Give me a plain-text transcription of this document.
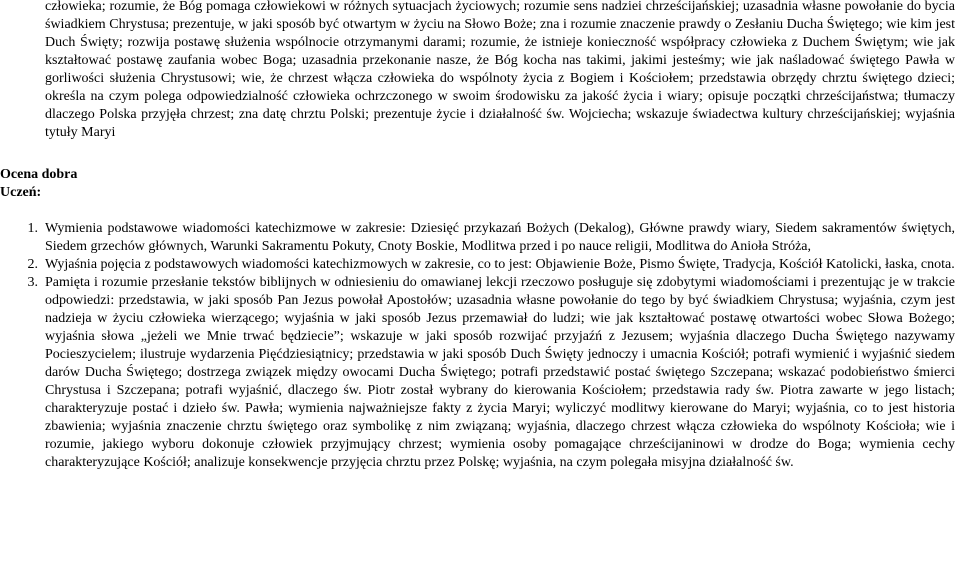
człowieka; rozumie, że Bóg pomaga człowiekowi w różnych sytuacjach życiowych; rozumie sens nadziei chrześcijańskiej; uzasadnia własne powołanie do bycia świadkiem Chrystusa; prezentuje, w jaki sposób być otwartym w życiu na Słowo Boże; zna i rozumie znaczenie prawdy o Zesłaniu Ducha Świętego; wie kim jest Duch Święty; rozwija postawę służenia wspólnocie otrzymanymi darami; rozumie, że istnieje konieczność współpracy człowieka z Duchem Świętym; wie jak kształtować postawę zaufania wobec Boga; uzasadnia przekonanie nasze, że Bóg kocha nas takimi, jakimi jesteśmy; wie jak naśladować świętego Pawła w gorliwości służenia Chrystusowi; wie, że chrzest włącza człowieka do wspólnoty życia z Bogiem i Kościołem; przedstawia obrzędy chrztu świętego dzieci; określa na czym polega odpowiedzialność człowieka ochrzczonego w swoim środowisku za jakość życia i wiary; opisuje początki chrześcijaństwa; tłumaczy dlaczego Polska przyjęła chrzest; zna datę chrztu Polski; prezentuje życie i działalność św. Wojciecha; wskazuje świadectwa kultury chrześcijańskiej; wyjaśnia tytuły Maryi

Ocena dobra
Uczeń:
1. Wymienia podstawowe wiadomości katechizmowe w zakresie: Dziesięć przykazań Bożych (Dekalog), Główne prawdy wiary, Siedem sakramentów świętych, Siedem grzechów głównych, Warunki Sakramentu Pokuty, Cnoty Boskie, Modlitwa przed i po nauce religii, Modlitwa do Anioła Stróża,
2. Wyjaśnia pojęcia z podstawowych wiadomości katechizmowych w zakresie, co to jest: Objawienie Boże, Pismo Święte, Tradycja, Kościół Katolicki, łaska, cnota.
3. Pamięta i rozumie przesłanie tekstów biblijnych w odniesieniu do omawianej lekcji rzeczowo posługuje się zdobytymi wiadomościami i prezentując je w trakcie odpowiedzi: przedstawia, w jaki sposób Pan Jezus powołał Apostołów; uzasadnia własne powołanie do tego by być świadkiem Chrystusa; wyjaśnia, czym jest nadzieja w życiu człowieka wierzącego; wyjaśnia w jaki sposób Jezus przemawiał do ludzi; wie jak kształtować postawę otwartości wobec Słowa Bożego; wyjaśnia słowa „jeżeli we Mnie trwać będziecie”; wskazuje w jaki sposób rozwijać przyjaźń z Jezusem; wyjaśnia dlaczego Ducha Świętego nazywamy Pocieszycielem; ilustruje wydarzenia Pięćdziesiątnicy; przedstawia w jaki sposób Duch Święty jednoczy i umacnia Kościół; potrafi wymienić i wyjaśnić siedem darów Ducha Świętego; dostrzega związek między owocami Ducha Świętego; potrafi przedstawić postać świętego Szczepana; wskazać podobieństwo śmierci Chrystusa i Szczepana; potrafi wyjaśnić, dlaczego św. Piotr został wybrany do kierowania Kościołem; przedstawia rady św. Piotra zawarte w jego listach; charakteryzuje postać i dzieło św. Pawła; wymienia najważniejsze fakty z życia Maryi; wyliczyć modlitwy kierowane do Maryi; wyjaśnia, co to jest historia zbawienia; wyjaśnia znaczenie chrztu świętego oraz symbolikę z nim związaną; wyjaśnia, dlaczego chrzest włącza człowieka do wspólnoty Kościoła; wie i rozumie, jakiego wyboru dokonuje człowiek przyjmujący chrzest; wymienia osoby pomagające chrześcijaninowi w drodze do Boga; wymienia cechy charakteryzujące Kościół; analizuje konsekwencje przyjęcia chrztu przez Polskę; wyjaśnia, na czym polegała misyjna działalność św.
